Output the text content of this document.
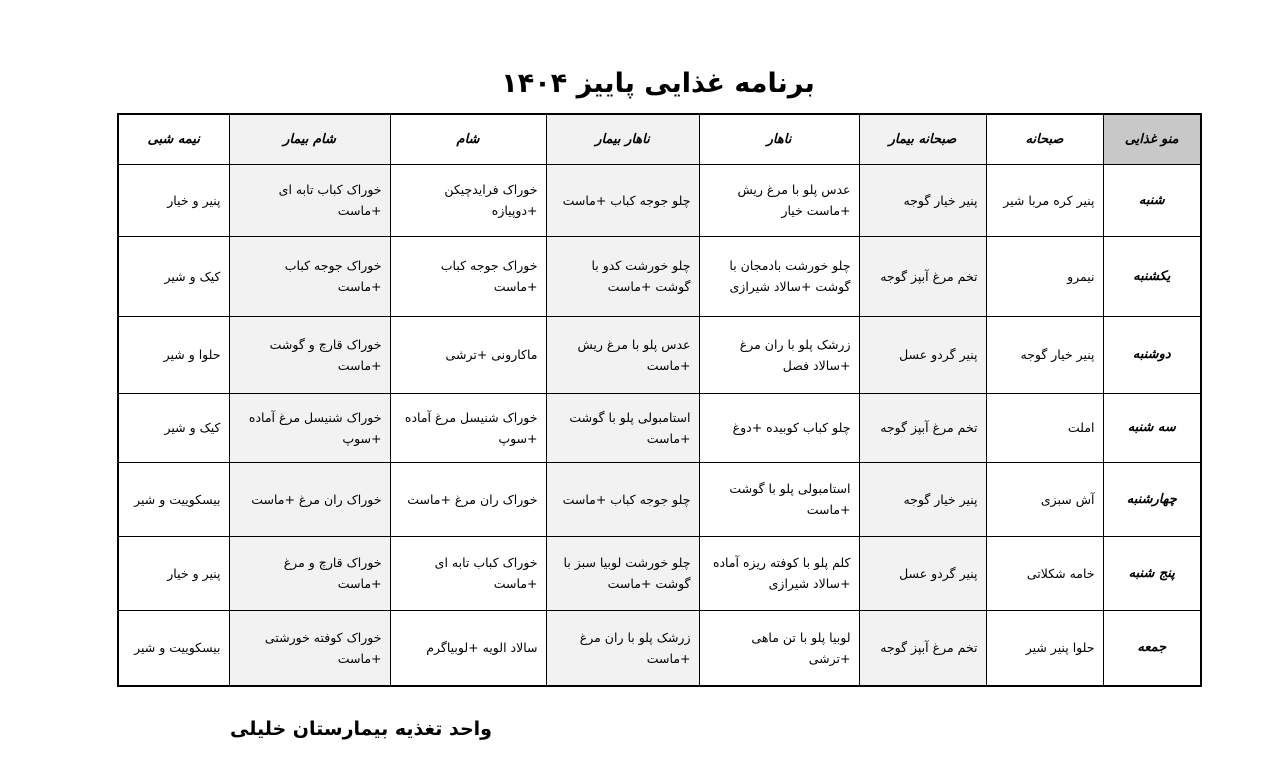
برنامه غذایی پاییز ۱۴۰۴
منو غذایی	صبحانه	صبحانه بیمار	ناهار	ناهار بیمار	شام	شام بیمار	نیمه شبی
شنبه	پنیر کره مربا شیر	پنیر خیار گوجه	عدس پلو با مرغ ریش +ماست خیار	چلو جوجه کباب +ماست	خوراک فرایدچیکن +دوپیازه	خوراک کباب تابه ای +ماست	پنیر و خیار
یکشنبه	نیمرو	تخم مرغ آبپز گوجه	چلو خورشت بادمجان با گوشت +سالاد شیرازی	چلو خورشت کدو با گوشت +ماست	خوراک جوجه کباب +ماست	خوراک جوجه کباب +ماست	کیک و شیر
دوشنبه	پنیر خیار گوجه	پنیر گردو عسل	زرشک پلو با ران مرغ +سالاد فصل	عدس پلو با مرغ ریش +ماست	ماکارونی +ترشی	خوراک قارچ و گوشت +ماست	حلوا و شیر
سه شنبه	املت	تخم مرغ آبپز گوجه	چلو کباب کوبیده +دوغ	استامبولی پلو با گوشت +ماست	خوراک شنیسل مرغ آماده +سوپ	خوراک شنیسل مرغ آماده +سوپ	کیک و شیر
چهارشنبه	آش سبزی	پنیر خیار گوجه	استامبولی پلو با گوشت +ماست	چلو جوجه کباب +ماست	خوراک ران مرغ +ماست	خوراک ران مرغ +ماست	بیسکوییت و شیر
پنج شنبه	خامه شکلاتی	پنیر گردو عسل	کلم پلو با کوفته ریزه آماده +سالاد شیرازی	چلو خورشت لوبیا سبز با گوشت +ماست	خوراک کباب تابه ای +ماست	خوراک قارچ و مرغ +ماست	پنیر و خیار
جمعه	حلوا پنیر شیر	تخم مرغ آبپز گوجه	لوبیا پلو با تن ماهی +ترشی	زرشک پلو با ران مرغ +ماست	سالاد الویه +لوبیاگرم	خوراک کوفته خورشتی +ماست	بیسکوییت و شیر
واحد تغذیه بیمارستان خلیلی
